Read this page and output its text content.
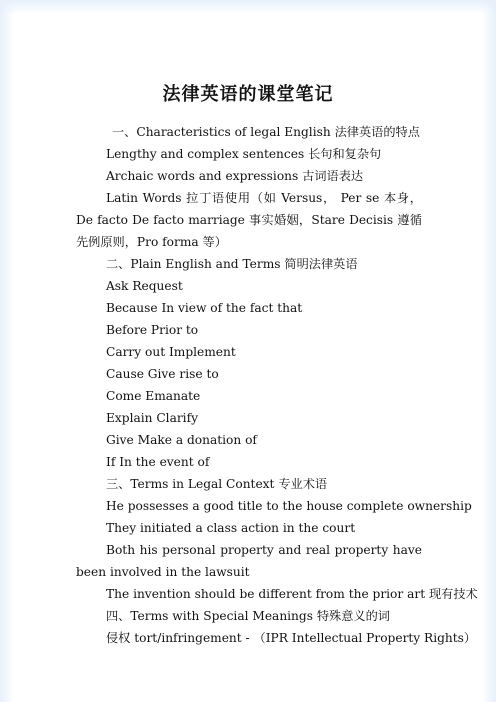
法律英语的课堂笔记

一、Characteristics of legal English 法律英语的特点

Lengthy and complex sentences 长句和复杂句

Archaic words and expressions 古词语表达

Latin Words 拉丁语使用（如 Versus， Per se 本身，De facto De facto marriage 事实婚姻，Stare Decisis 遵循先例原则，Pro forma 等）

二、Plain English and Terms 简明法律英语

Ask Request

Because In view of the fact that

Before Prior to

Carry out Implement

Cause Give rise to

Come Emanate

Explain Clarify

Give Make a donation of

If In the event of

三、Terms in Legal Context 专业术语

He possesses a good title to the house complete ownership

They initiated a class action in the court

Both his personal property and real property have been involved in the lawsuit

The invention should be different from the prior art 现有技术

四、Terms with Special Meanings 特殊意义的词

侵权 tort/infringement - （IPR Intellectual Property Rights）
